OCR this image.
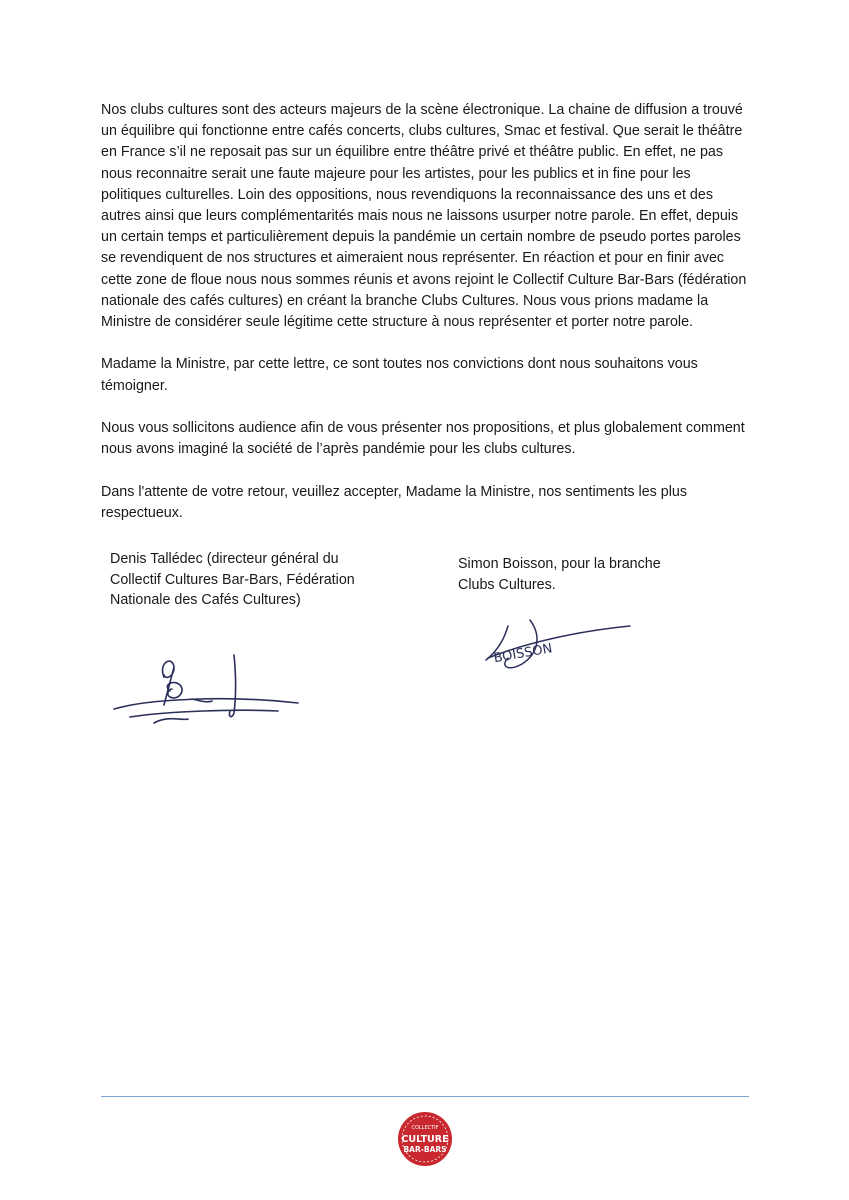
Nos clubs cultures sont des acteurs majeurs de la scène électronique. La chaine de diffusion a trouvé un équilibre qui fonctionne entre cafés concerts, clubs cultures, Smac et festival. Que serait le théâtre en France s’il ne reposait pas sur un équilibre entre théâtre privé et théâtre public. En effet, ne pas nous reconnaitre serait une faute majeure pour les artistes, pour les publics et in fine pour les politiques culturelles. Loin des oppositions, nous revendiquons la reconnaissance des uns et des autres ainsi que leurs complémentarités mais nous ne laissons usurper notre parole. En effet, depuis un certain temps et particulièrement depuis la pandémie un certain nombre de pseudo portes paroles se revendiquent de nos structures et aimeraient nous représenter. En réaction et pour en finir avec cette zone de floue nous nous sommes réunis et avons rejoint le Collectif Culture Bar-Bars (fédération nationale des cafés cultures) en créant la branche Clubs Cultures. Nous vous prions madame la Ministre de considérer seule légitime cette structure à nous représenter et porter notre parole.

Madame la Ministre, par cette lettre, ce sont toutes nos convictions dont nous souhaitons vous témoigner.

Nous vous sollicitons audience afin de vous présenter nos propositions, et plus globalement comment nous avons imaginé la société de l’après pandémie pour les clubs cultures.

Dans l'attente de votre retour, veuillez accepter, Madame la Ministre, nos sentiments les plus respectueux.

Denis Tallédec (directeur général du Collectif Cultures Bar-Bars, Fédération Nationale des Cafés Cultures)
Simon Boisson, pour la branche Clubs Cultures.
BOISSON
COLLECTIF
CULTURE
BAR-BARS
